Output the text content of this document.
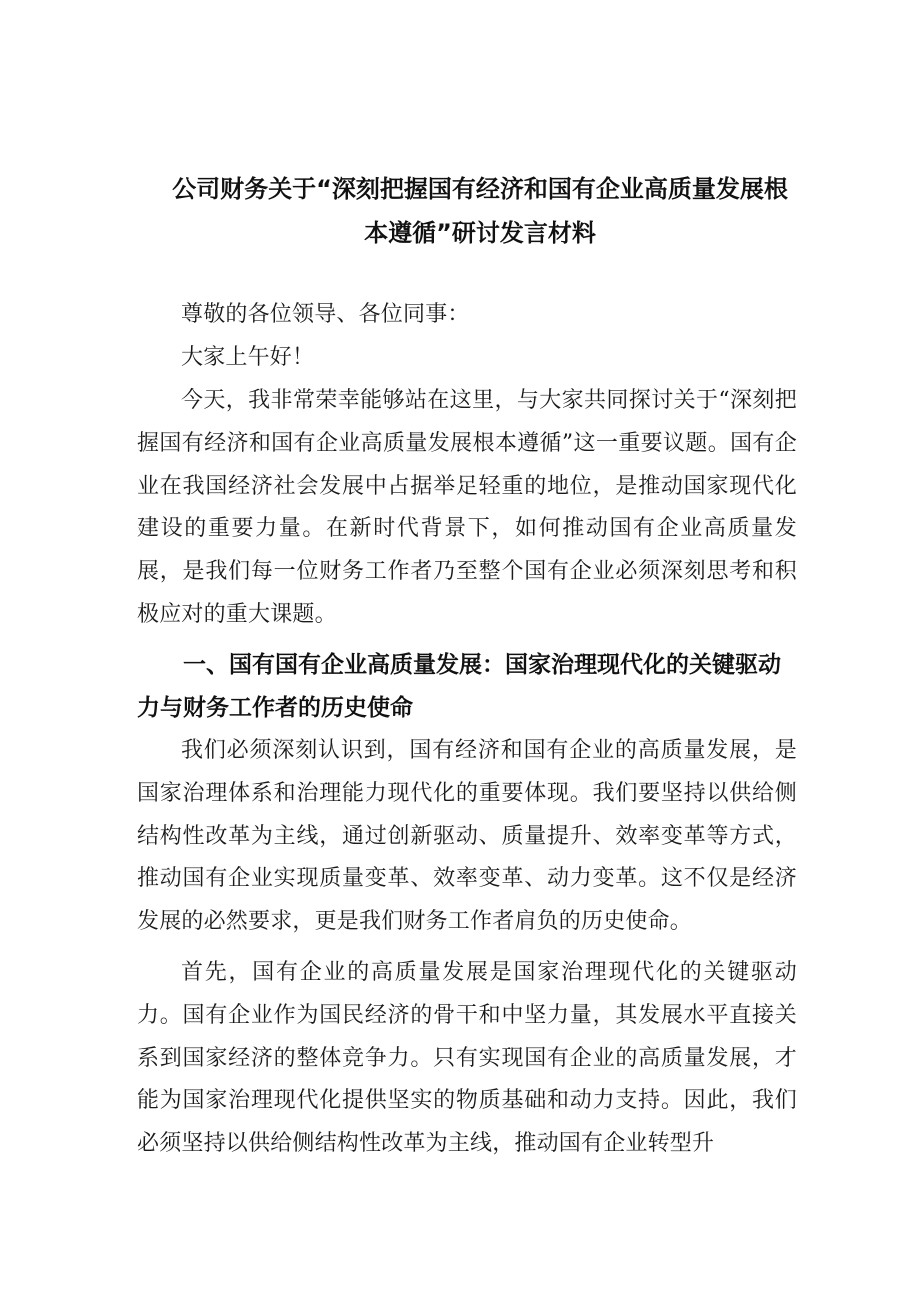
公司财务关于“深刻把握国有经济和国有企业高质量发展根
本遵循”研讨发言材料

尊敬的各位领导、各位同事：

大家上午好！

今天，我非常荣幸能够站在这里，与大家共同探讨关于“深刻把握国有经济和国有企业高质量发展根本遵循”这一重要议题。国有企业在我国经济社会发展中占据举足轻重的地位，是推动国家现代化建设的重要力量。在新时代背景下，如何推动国有企业高质量发展，是我们每一位财务工作者乃至整个国有企业必须深刻思考和积极应对的重大课题。

一、国有国有企业高质量发展：国家治理现代化的关键驱动力与财务工作者的历史使命

我们必须深刻认识到，国有经济和国有企业的高质量发展，是国家治理体系和治理能力现代化的重要体现。我们要坚持以供给侧结构性改革为主线，通过创新驱动、质量提升、效率变革等方式，推动国有企业实现质量变革、效率变革、动力变革。这不仅是经济发展的必然要求，更是我们财务工作者肩负的历史使命。

首先，国有企业的高质量发展是国家治理现代化的关键驱动力。国有企业作为国民经济的骨干和中坚力量，其发展水平直接关系到国家经济的整体竞争力。只有实现国有企业的高质量发展，才能为国家治理现代化提供坚实的物质基础和动力支持。因此，我们必须坚持以供给侧结构性改革为主线，推动国有企业转型升
